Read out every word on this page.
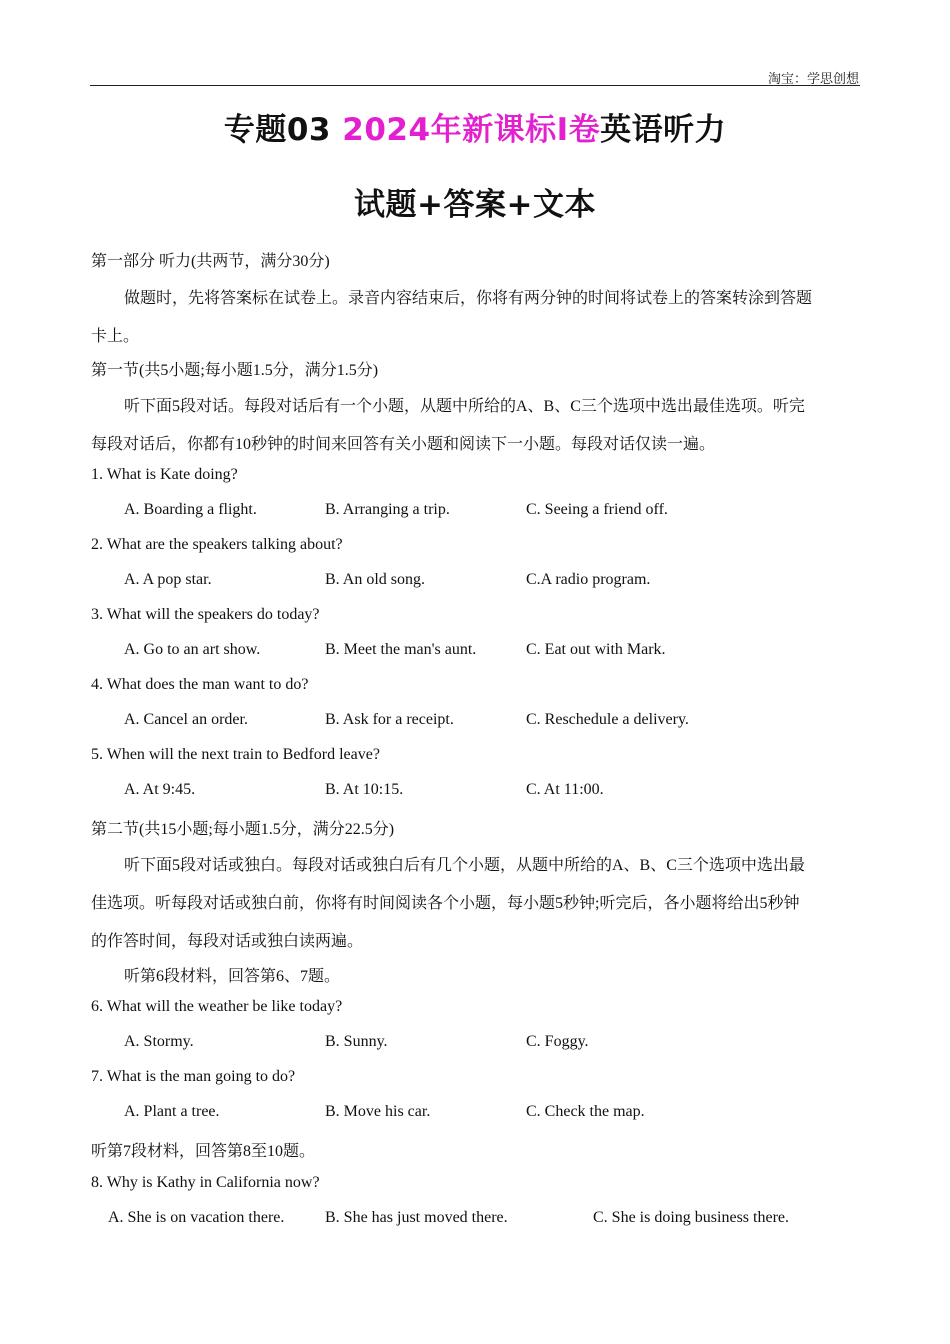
淘宝：学思创想
专题03 2024年新课标I卷英语听力
试题+答案+文本
第一部分 听力(共两节，满分30分)
做题时，先将答案标在试卷上。录音内容结束后，你将有两分钟的时间将试卷上的答案转涂到答题
卡上。
第一节(共5小题;每小题1.5分，满分1.5分)
听下面5段对话。每段对话后有一个小题，从题中所给的A、B、C三个选项中选出最佳选项。听完
每段对话后，你都有10秒钟的时间来回答有关小题和阅读下一小题。每段对话仅读一遍。
1. What is Kate doing?
A. Boarding a flight.	B. Arranging a trip.	C. Seeing a friend off.
2. What are the speakers talking about?
A. A pop star.	B. An old song.	C.A radio program.
3. What will the speakers do today?
A. Go to an art show.	B. Meet the man's aunt.	C. Eat out with Mark.
4. What does the man want to do?
A. Cancel an order.	B. Ask for a receipt.	C. Reschedule a delivery.
5. When will the next train to Bedford leave?
A. At 9:45.	B. At 10:15.	C. At 11:00.
第二节(共15小题;每小题1.5分，满分22.5分)
听下面5段对话或独白。每段对话或独白后有几个小题，从题中所给的A、B、C三个选项中选出最
佳选项。听每段对话或独白前，你将有时间阅读各个小题，每小题5秒钟;听完后，各小题将给出5秒钟
的作答时间，每段对话或独白读两遍。
听第6段材料，回答第6、7题。
6. What will the weather be like today?
A. Stormy.	B. Sunny.	C. Foggy.
7. What is the man going to do?
A. Plant a tree.	B. Move his car.	C. Check the map.
听第7段材料，回答第8至10题。
8. Why is Kathy in California now?
A. She is on vacation there.	B. She has just moved there.	C. She is doing business there.
